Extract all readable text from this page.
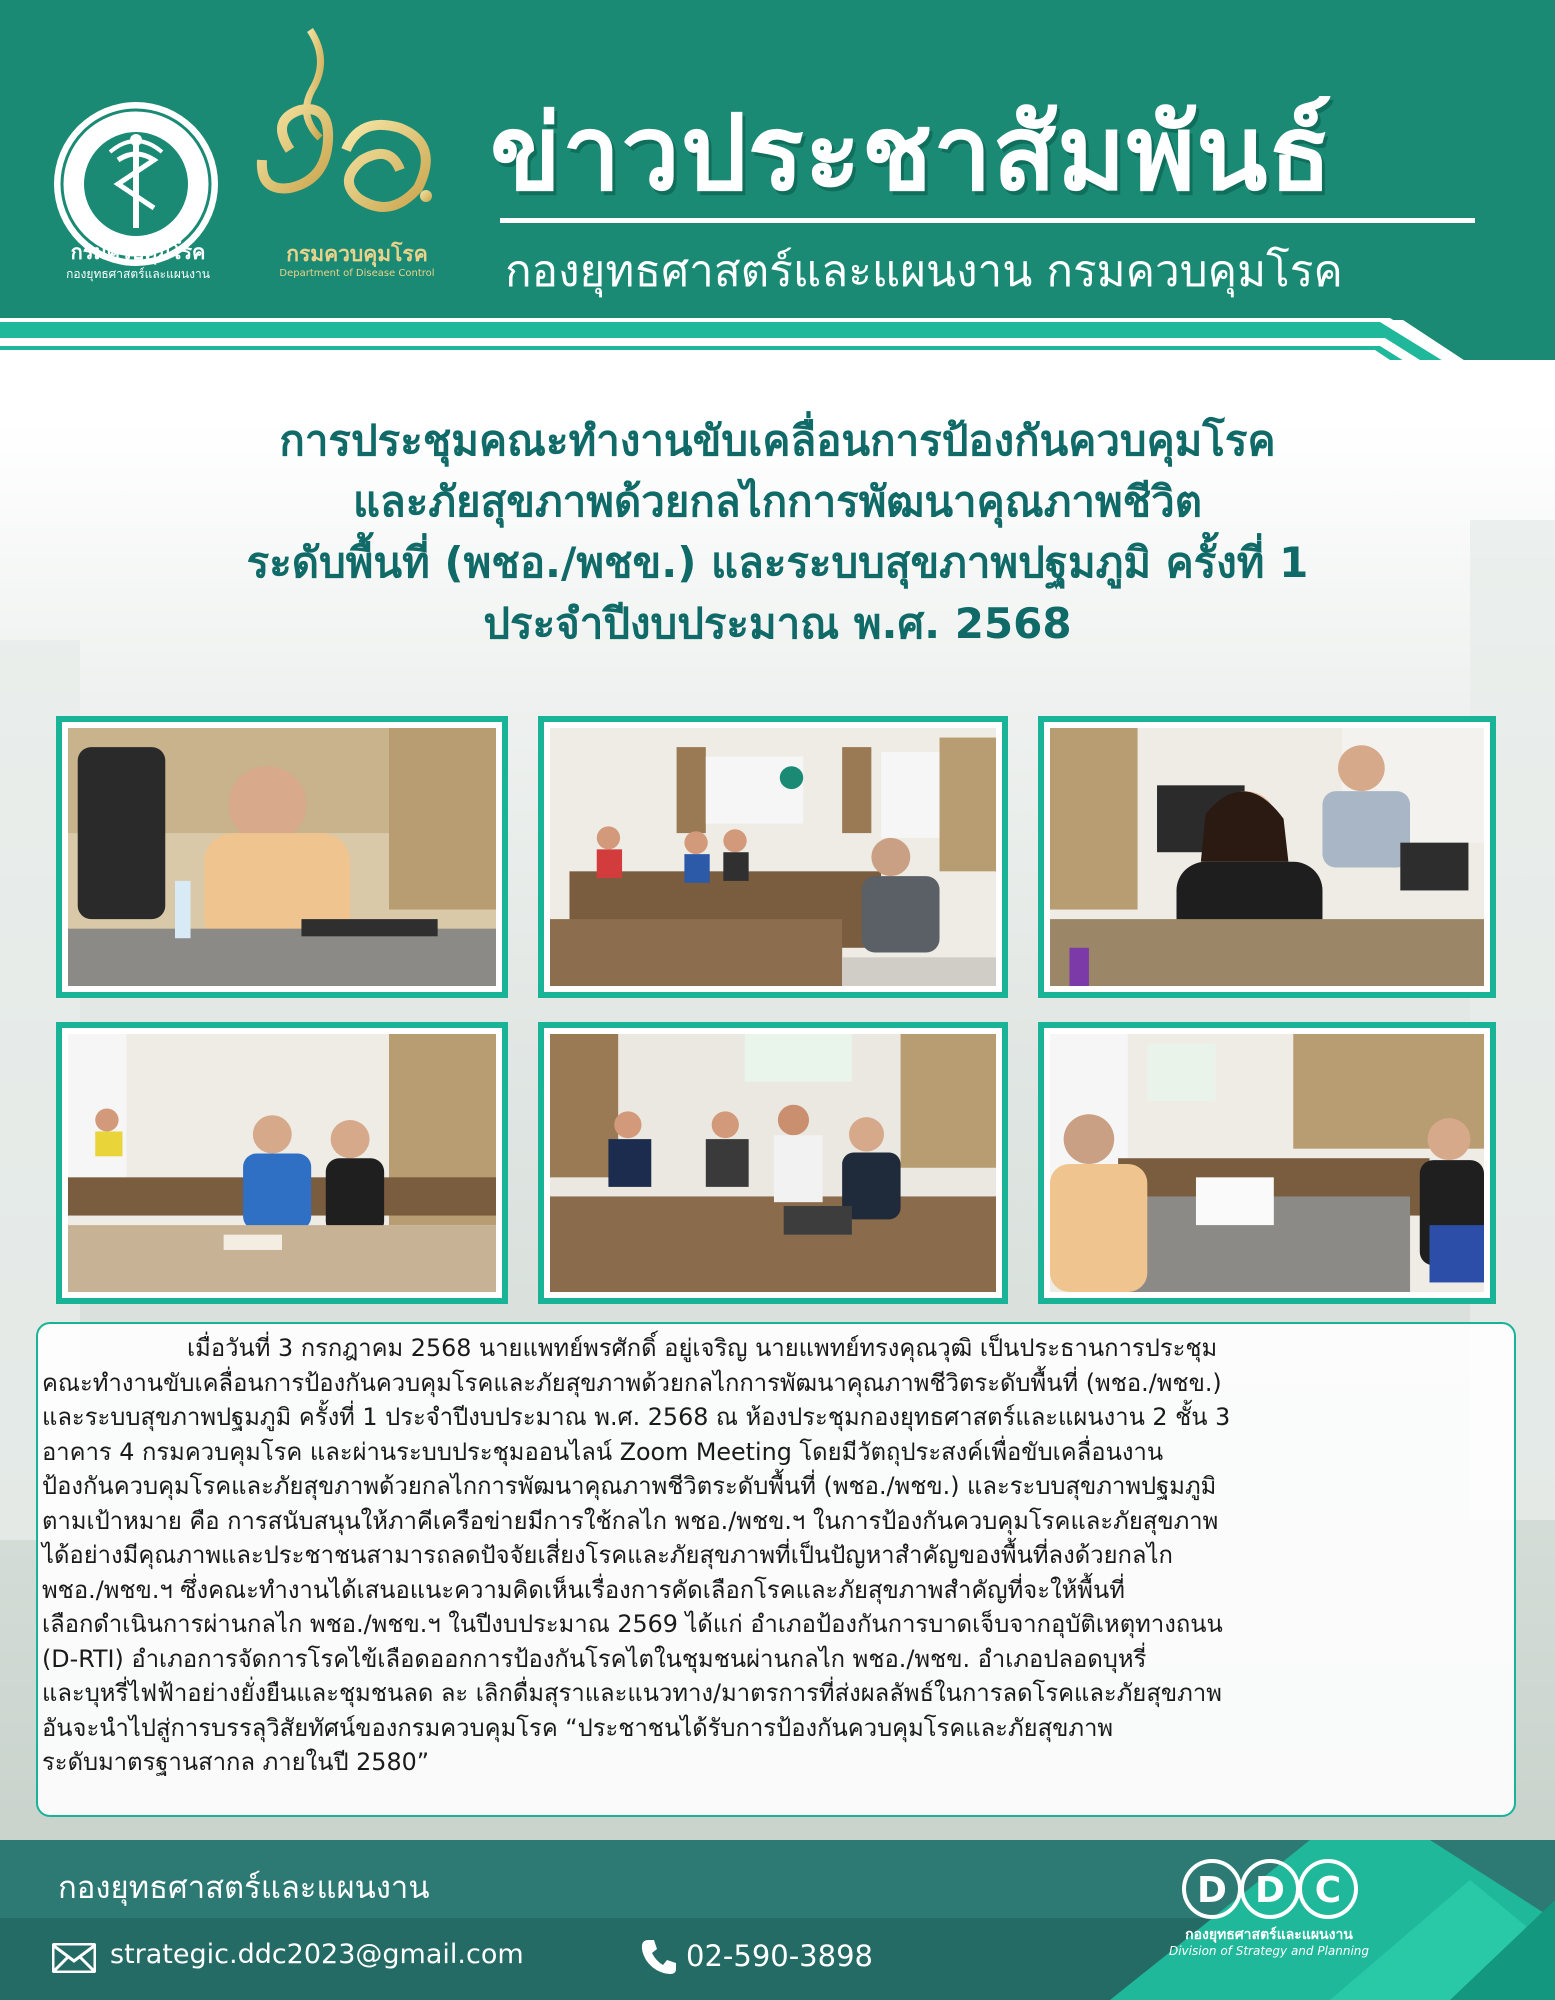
กรมควบคุมโรค
กองยุทธศาสตร์และแผนงาน
กรมควบคุมโรค
Department of Disease Control
ข่าวประชาสัมพันธ์
กองยุทธศาสตร์และแผนงาน กรมควบคุมโรค
การประชุมคณะทำงานขับเคลื่อนการป้องกันควบคุมโรค
และภัยสุขภาพด้วยกลไกการพัฒนาคุณภาพชีวิต
ระดับพื้นที่ (พชอ./พชข.) และระบบสุขภาพปฐมภูมิ ครั้งที่ 1
ประจำปีงบประมาณ พ.ศ. 2568
เมื่อวันที่ 3 กรกฎาคม 2568 นายแพทย์พรศักดิ์ อยู่เจริญ นายแพทย์ทรงคุณวุฒิ เป็นประธานการประชุม
คณะทำงานขับเคลื่อนการป้องกันควบคุมโรคและภัยสุขภาพด้วยกลไกการพัฒนาคุณภาพชีวิตระดับพื้นที่ (พชอ./พชข.)
และระบบสุขภาพปฐมภูมิ ครั้งที่ 1 ประจำปีงบประมาณ พ.ศ. 2568 ณ ห้องประชุมกองยุทธศาสตร์และแผนงาน 2 ชั้น 3
อาคาร 4 กรมควบคุมโรค และผ่านระบบประชุมออนไลน์ Zoom Meeting โดยมีวัตถุประสงค์เพื่อขับเคลื่อนงาน
ป้องกันควบคุมโรคและภัยสุขภาพด้วยกลไกการพัฒนาคุณภาพชีวิตระดับพื้นที่ (พชอ./พชข.) และระบบสุขภาพปฐมภูมิ
ตามเป้าหมาย คือ การสนับสนุนให้ภาคีเครือข่ายมีการใช้กลไก พชอ./พชข.ฯ ในการป้องกันควบคุมโรคและภัยสุขภาพ
ได้อย่างมีคุณภาพและประชาชนสามารถลดปัจจัยเสี่ยงโรคและภัยสุขภาพที่เป็นปัญหาสำคัญของพื้นที่ลงด้วยกลไก
พชอ./พชข.ฯ ซึ่งคณะทำงานได้เสนอแนะความคิดเห็นเรื่องการคัดเลือกโรคและภัยสุขภาพสำคัญที่จะให้พื้นที่
เลือกดำเนินการผ่านกลไก พชอ./พชข.ฯ ในปีงบประมาณ 2569 ได้แก่ อำเภอป้องกันการบาดเจ็บจากอุบัติเหตุทางถนน
(D-RTI) อำเภอการจัดการโรคไข้เลือดออกการป้องกันโรคไตในชุมชนผ่านกลไก พชอ./พชข. อำเภอปลอดบุหรี่
และบุหรี่ไฟฟ้าอย่างยั่งยืนและชุมชนลด ละ เลิกดื่มสุราและแนวทาง/มาตรการที่ส่งผลลัพธ์ในการลดโรคและภัยสุขภาพ
อันจะนำไปสู่การบรรลุวิสัยทัศน์ของกรมควบคุมโรค “ประชาชนได้รับการป้องกันควบคุมโรคและภัยสุขภาพ
ระดับมาตรฐานสากล ภายในปี 2580”
กองยุทธศาสตร์และแผนงาน
strategic.ddc2023@gmail.com	02-590-3898
D D C
กองยุทธศาสตร์และแผนงาน
Division of Strategy and Planning
